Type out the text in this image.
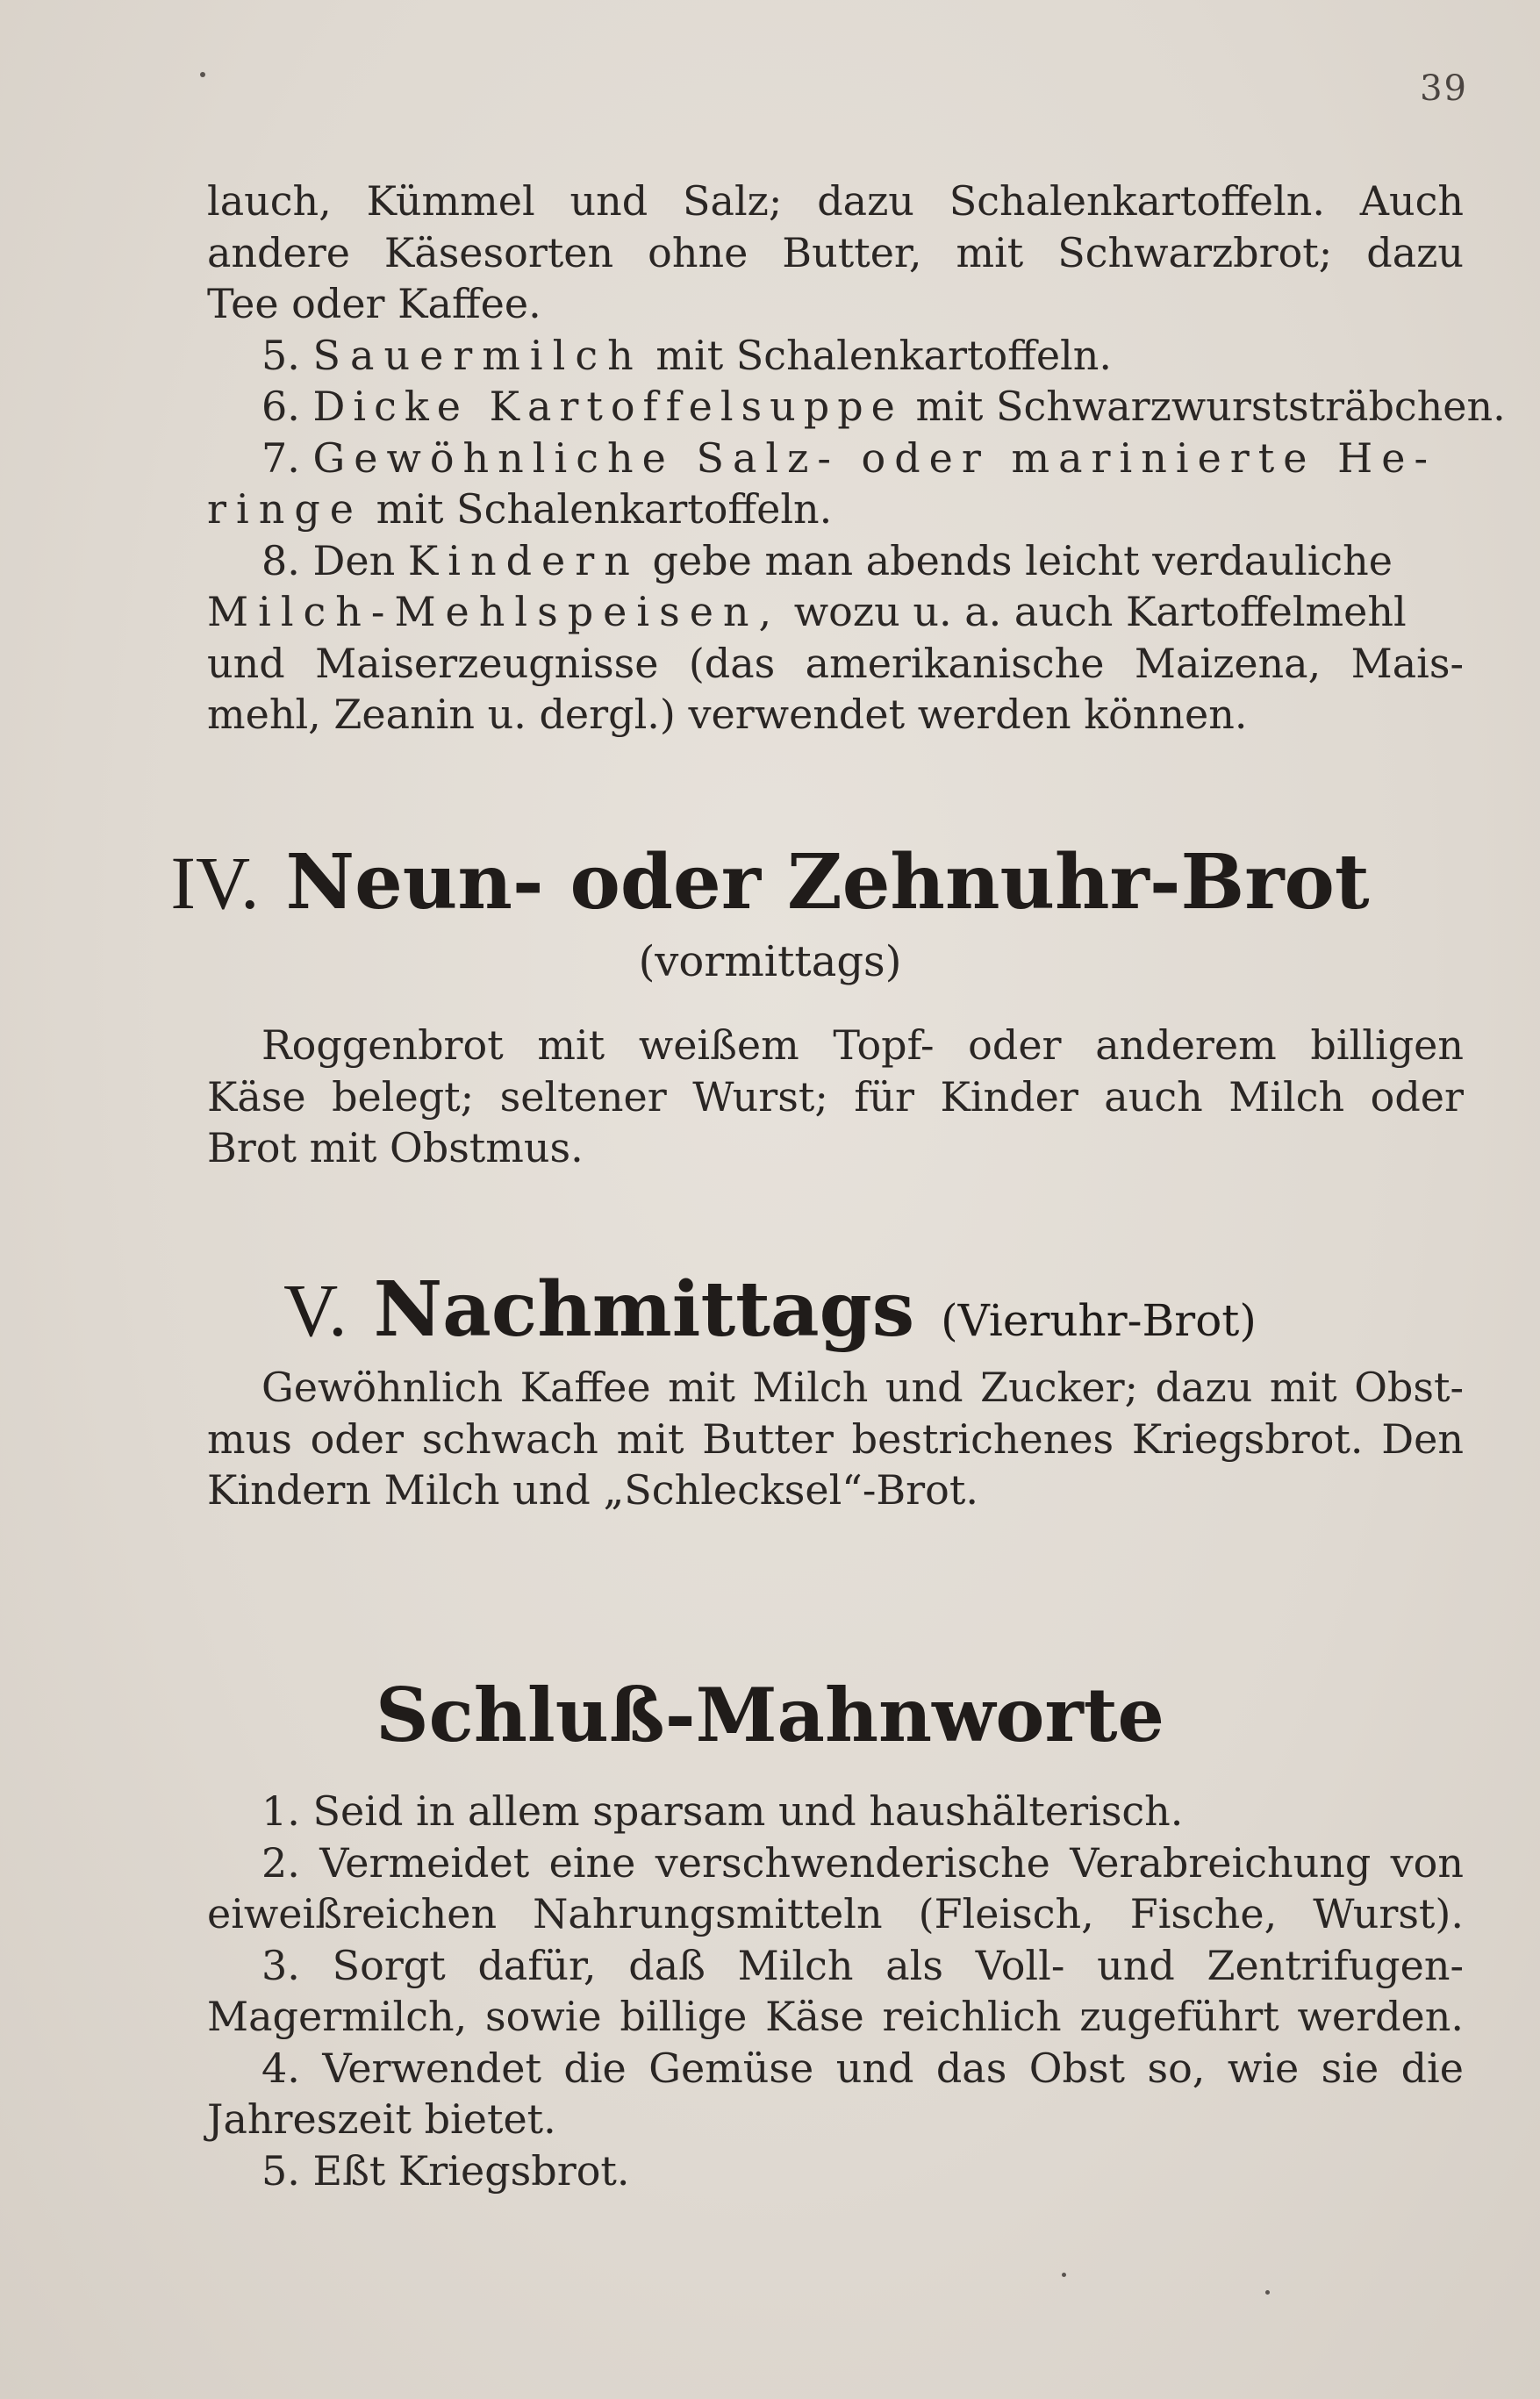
39
lauch, Kümmel und Salz; dazu Schalenkartoffeln. Auch
andere Käsesorten ohne Butter, mit Schwarzbrot; dazu
Tee oder Kaffee.
5. Sauermilch mit Schalenkartoffeln.
6. Dicke Kartoffelsuppe mit Schwarzwurststräbchen.
7. Gewöhnliche Salz- oder marinierte He-
ringe mit Schalenkartoffeln.
8. Den Kindern gebe man abends leicht verdauliche
Milch-Mehlspeisen, wozu u. a. auch Kartoffelmehl
und Maiserzeugnisse (das amerikanische Maizena, Mais-
mehl, Zeanin u. dergl.) verwendet werden können.
IV. Neun- oder Zehnuhr-Brot
(vormittags)
Roggenbrot mit weißem Topf- oder anderem billigen
Käse belegt; seltener Wurst; für Kinder auch Milch oder
Brot mit Obstmus.
V. Nachmittags (Vieruhr-Brot)
Gewöhnlich Kaffee mit Milch und Zucker; dazu mit Obst-
mus oder schwach mit Butter bestrichenes Kriegsbrot. Den
Kindern Milch und „Schlecksel“-Brot.
Schluß-Mahnworte
1. Seid in allem sparsam und haushälterisch.
2. Vermeidet eine verschwenderische Verabreichung von
eiweißreichen Nahrungsmitteln (Fleisch, Fische, Wurst).
3. Sorgt dafür, daß Milch als Voll- und Zentrifugen-
Magermilch, sowie billige Käse reichlich zugeführt werden.
4. Verwendet die Gemüse und das Obst so, wie sie die
Jahreszeit bietet.
5. Eßt Kriegsbrot.
